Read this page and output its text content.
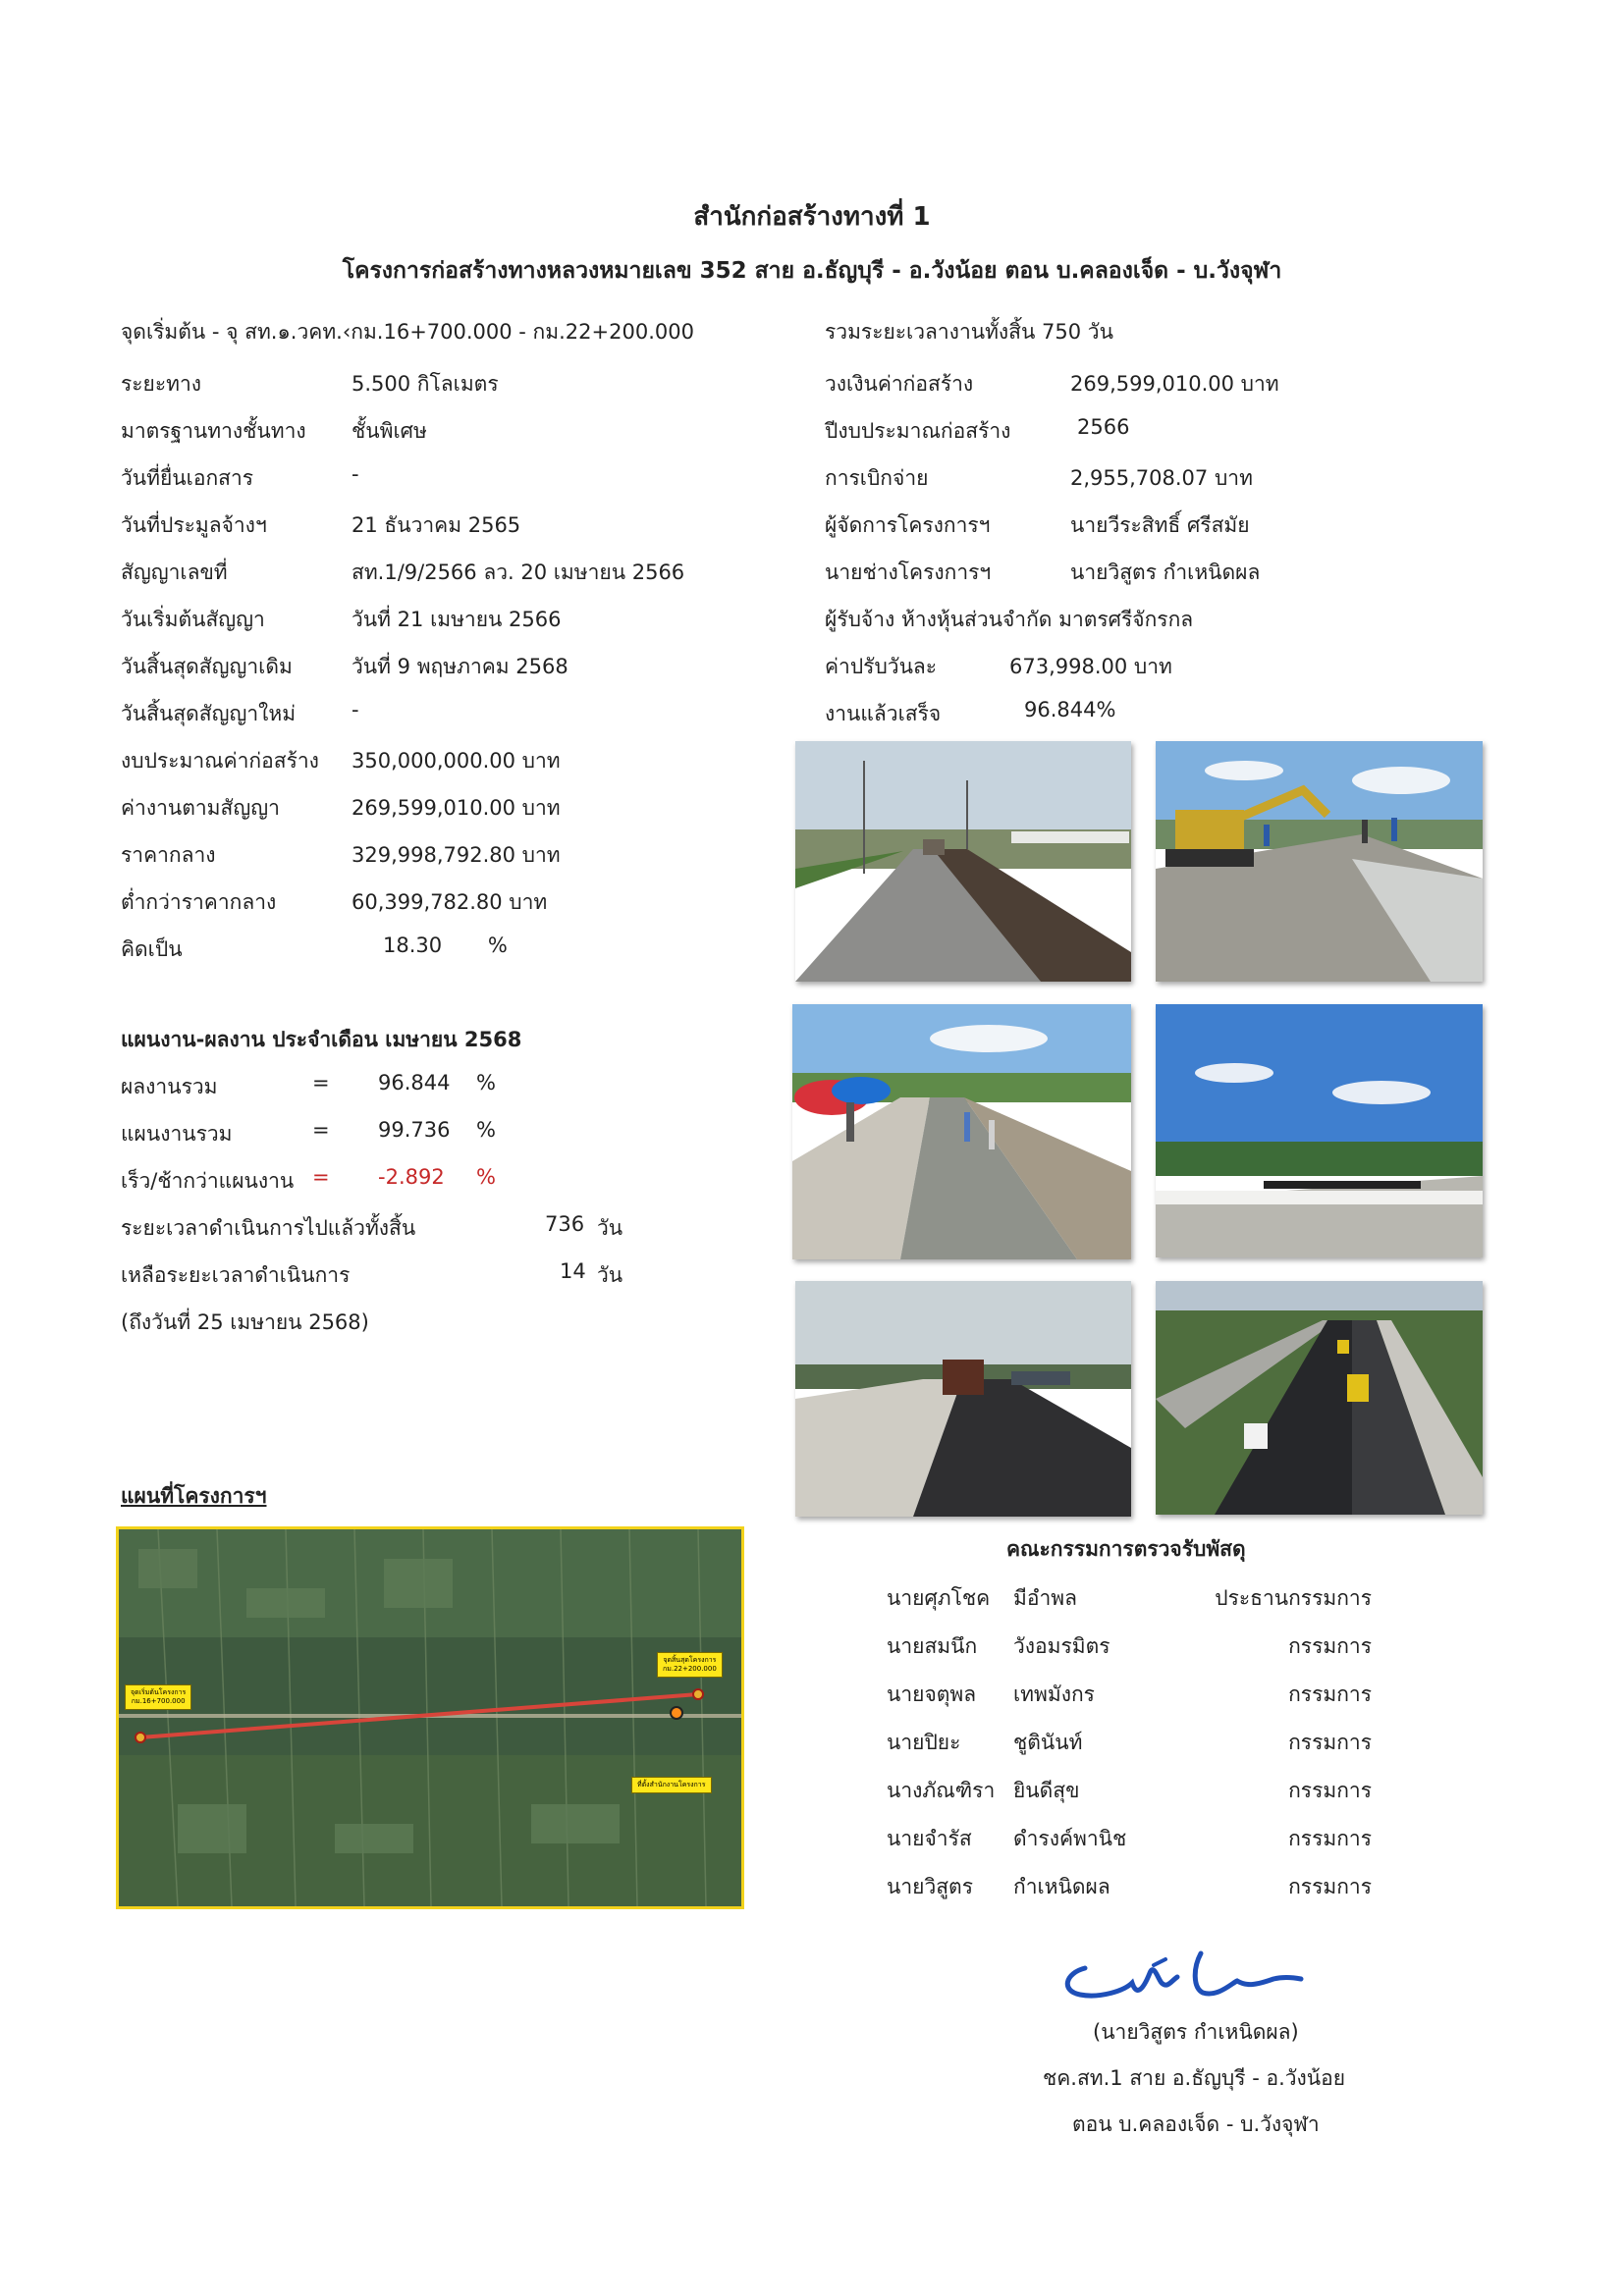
สำนักก่อสร้างทางที่ 1
โครงการก่อสร้างทางหลวงหมายเลข 352 สาย อ.ธัญบุรี - อ.วังน้อย ตอน บ.คลองเจ็ด - บ.วังจุฬา
จุดเริ่มต้น - จุ สท.๑.วคท.‹กม.16+700.000 - กม.22+200.000
ระยะทาง	5.500 กิโลเมตร
มาตรฐานทางชั้นทาง ชั้นพิเศษ
วันที่ยื่นเอกสาร	-
วันที่ประมูลจ้างฯ	21 ธันวาคม 2565
สัญญาเลขที่	สท.1/9/2566 ลว. 20 เมษายน 2566
วันเริ่มต้นสัญญา	วันที่ 21 เมษายน 2566
วันสิ้นสุดสัญญาเดิม	วันที่ 9 พฤษภาคม 2568
วันสิ้นสุดสัญญาใหม่	-
งบประมาณค่าก่อสร้าง 350,000,000.00 บาท
ค่างานตามสัญญา	269,599,010.00 บาท
ราคากลาง	329,998,792.80 บาท
ต่ำกว่าราคากลาง	60,399,782.80 บาท
คิดเป็น	18.30       %
รวมระยะเวลางานทั้งสิ้น 750 วัน
วงเงินค่าก่อสร้าง	269,599,010.00 บาท
ปีงบประมาณก่อสร้าง	2566
การเบิกจ่าย	2,955,708.07 บาท
ผู้จัดการโครงการฯ	นายวีระสิทธิ์ ศรีสมัย
นายช่างโครงการฯ	นายวิสูตร กำเหนิดผล
ผู้รับจ้าง ห้างหุ้นส่วนจำกัด มาตรศรีจักรกล
ค่าปรับวันละ	673,998.00 บาท
งานแล้วเสร็จ	96.844%
แผนงาน-ผลงาน ประจำเดือน เมษายน 2568
ผลงานรวม	= 96.844 %
แผนงานรวม	= 99.736 %
เร็ว/ช้ากว่าแผนงาน = -2.892 %
ระยะเวลาดำเนินการไปแล้วทั้งสิ้น	736 วัน
เหลือระยะเวลาดำเนินการ	14 วัน
(ถึงวันที่ 25 เมษายน 2568)
แผนที่โครงการฯ
จุดเริ่มต้นโครงการ
กม.16+700.000
จุดสิ้นสุดโครงการ
กม.22+200.000
ที่ตั้งสำนักงานโครงการ
คณะกรรมการตรวจรับพัสดุ
นายศุภโชค มีอำพล	ประธานกรรมการ
นายสมนึก วังอมรมิตร	กรรมการ
นายจตุพล เทพมังกร	กรรมการ
นายปิยะ	ชูตินันท์	กรรมการ
นางภัณฑิรา ยินดีสุข	กรรมการ
นายจำรัส ดำรงค์พานิช	กรรมการ
นายวิสูตร กำเหนิดผล	กรรมการ
(นายวิสูตร กำเหนิดผล)
ชค.สท.1 สาย อ.ธัญบุรี - อ.วังน้อย
ตอน บ.คลองเจ็ด - บ.วังจุฬา
